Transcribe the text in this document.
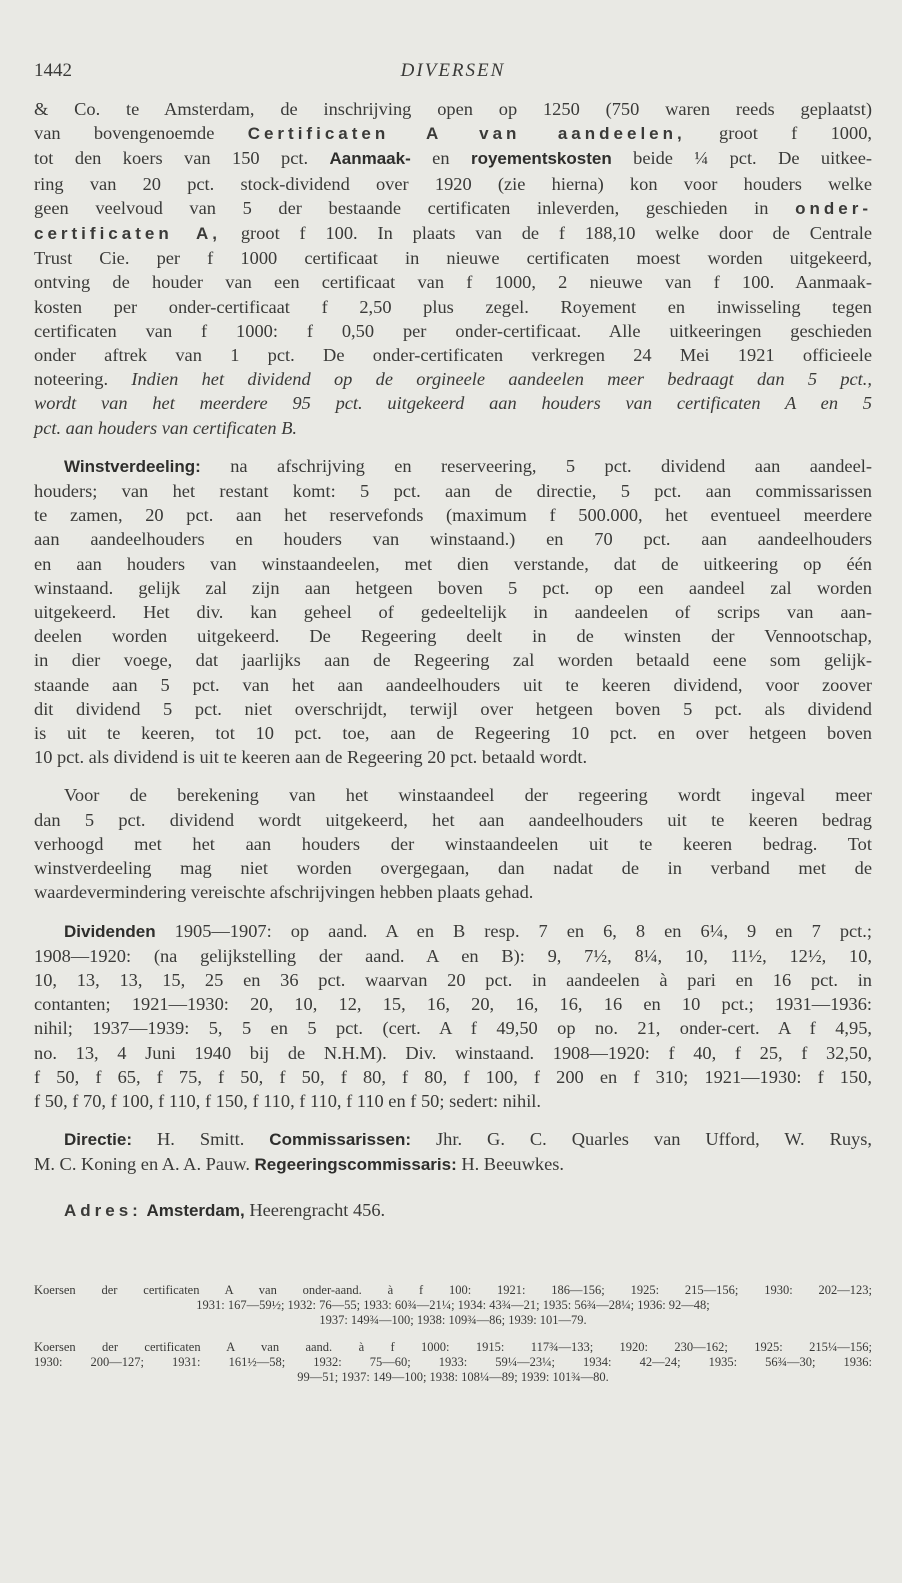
1442	DIVERSEN
& Co. te Amsterdam, de inschrijving open op 1250 (750 waren reeds geplaatst)
van bovengenoemde Certificaten A van aandeelen, groot f 1000,
tot den koers van 150 pct. Aanmaak- en royementskosten beide ¼ pct. De uitkee-
ring van 20 pct. stock-dividend over 1920 (zie hierna) kon voor houders welke
geen veelvoud van 5 der bestaande certificaten inleverden, geschieden in onder-
certificaten A, groot f 100. In plaats van de f 188,10 welke door de Centrale
Trust Cie. per f 1000 certificaat in nieuwe certificaten moest worden uitgekeerd,
ontving de houder van een certificaat van f 1000, 2 nieuwe van f 100. Aanmaak-
kosten per onder-certificaat f 2,50 plus zegel. Royement en inwisseling tegen
certificaten van f 1000: f 0,50 per onder-certificaat. Alle uitkeeringen geschieden
onder aftrek van 1 pct. De onder-certificaten verkregen 24 Mei 1921 officieele
noteering. Indien het dividend op de orgineele aandeelen meer bedraagt dan 5 pct.,
wordt van het meerdere 95 pct. uitgekeerd aan houders van certificaten A en 5
pct. aan houders van certificaten B.
Winstverdeeling: na afschrijving en reserveering, 5 pct. dividend aan aandeel-
houders; van het restant komt: 5 pct. aan de directie, 5 pct. aan commissarissen
te zamen, 20 pct. aan het reservefonds (maximum f 500.000, het eventueel meerdere
aan aandeelhouders en houders van winstaand.) en 70 pct. aan aandeelhouders
en aan houders van winstaandeelen, met dien verstande, dat de uitkeering op één
winstaand. gelijk zal zijn aan hetgeen boven 5 pct. op een aandeel zal worden
uitgekeerd. Het div. kan geheel of gedeeltelijk in aandeelen of scrips van aan-
deelen worden uitgekeerd. De Regeering deelt in de winsten der Vennootschap,
in dier voege, dat jaarlijks aan de Regeering zal worden betaald eene som gelijk-
staande aan 5 pct. van het aan aandeelhouders uit te keeren dividend, voor zoover
dit dividend 5 pct. niet overschrijdt, terwijl over hetgeen boven 5 pct. als dividend
is uit te keeren, tot 10 pct. toe, aan de Regeering 10 pct. en over hetgeen boven
10 pct. als dividend is uit te keeren aan de Regeering 20 pct. betaald wordt.
Voor de berekening van het winstaandeel der regeering wordt ingeval meer
dan 5 pct. dividend wordt uitgekeerd, het aan aandeelhouders uit te keeren bedrag
verhoogd met het aan houders der winstaandeelen uit te keeren bedrag. Tot
winstverdeeling mag niet worden overgegaan, dan nadat de in verband met de
waardevermindering vereischte afschrijvingen hebben plaats gehad.
Dividenden 1905—1907: op aand. A en B resp. 7 en 6, 8 en 6¼, 9 en 7 pct.;
1908—1920: (na gelijkstelling der aand. A en B): 9, 7½, 8¼, 10, 11½, 12½, 10,
10, 13, 13, 15, 25 en 36 pct. waarvan 20 pct. in aandeelen à pari en 16 pct. in
contanten; 1921—1930: 20, 10, 12, 15, 16, 20, 16, 16, 16 en 10 pct.; 1931—1936:
nihil; 1937—1939: 5, 5 en 5 pct. (cert. A f 49,50 op no. 21, onder-cert. A f 4,95,
no. 13, 4 Juni 1940 bij de N.H.M). Div. winstaand. 1908—1920: f 40, f 25, f 32,50,
f 50, f 65, f 75, f 50, f 50, f 80, f 80, f 100, f 200 en f 310; 1921—1930: f 150,
f 50, f 70, f 100, f 110, f 150, f 110, f 110, f 110 en f 50; sedert: nihil.
Directie: H. Smitt. Commissarissen: Jhr. G. C. Quarles van Ufford, W. Ruys,
M. C. Koning en A. A. Pauw. Regeeringscommissaris: H. Beeuwkes.
Adres: Amsterdam, Heerengracht 456.
Koersen der certificaten A van onder-aand. à f 100: 1921: 186—156; 1925: 215—156; 1930: 202—123;
1931: 167—59½; 1932: 76—55; 1933: 60¾—21¼; 1934: 43¾—21; 1935: 56¾—28¼; 1936: 92—48;
1937: 149¾—100; 1938: 109¾—86; 1939: 101—79.
Koersen der certificaten A van aand. à f 1000: 1915: 117¾—133; 1920: 230—162; 1925: 215¼—156;
1930: 200—127; 1931: 161½—58; 1932: 75—60; 1933: 59¼—23¼; 1934: 42—24; 1935: 56¾—30; 1936:
99—51; 1937: 149—100; 1938: 108¼—89; 1939: 101¾—80.
